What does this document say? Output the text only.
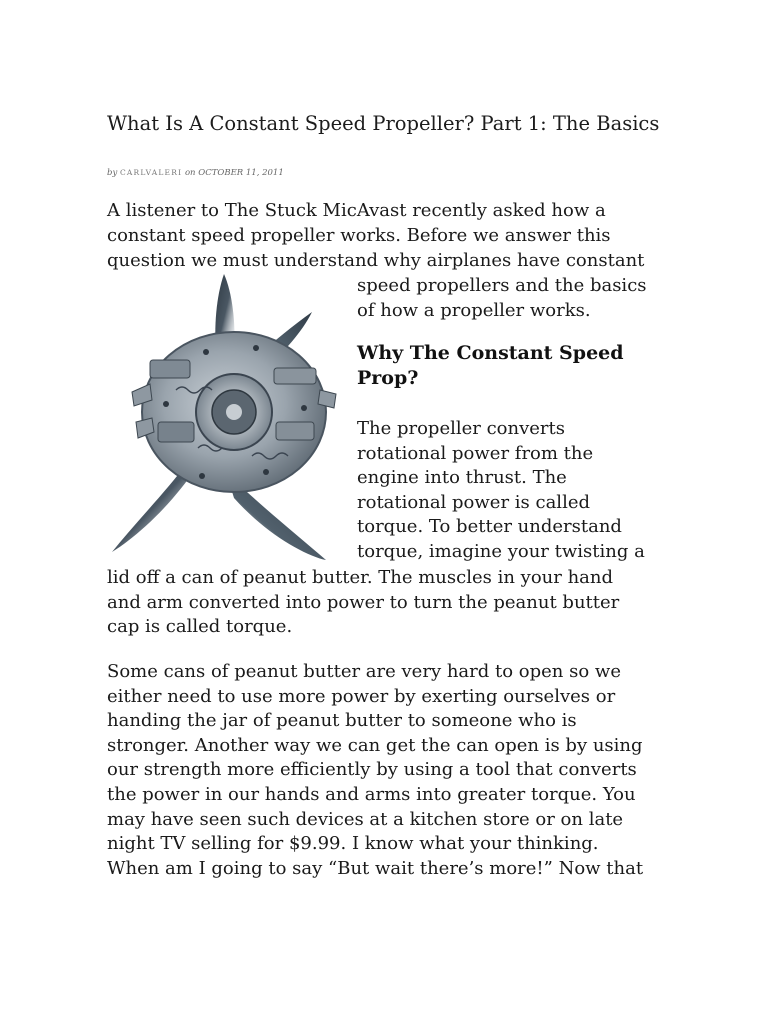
What Is A Constant Speed Propeller? Part 1: The Basics
by CARLVALERI on OCTOBER 11, 2011
A listener to The Stuck MicAvast recently asked how a
constant speed propeller works. Before we answer this
question we must understand why airplanes have constant
speed propellers and the basics
of how a propeller works.
Why The Constant Speed
Prop?
The propeller converts
rotational power from the
engine into thrust. The
rotational power is called
torque. To better understand
torque, imagine your twisting a
lid off a can of peanut butter. The muscles in your hand
and arm converted into power to turn the peanut butter
cap is called torque.
Some cans of peanut butter are very hard to open so we
either need to use more power by exerting ourselves or
handing the jar of peanut butter to someone who is
stronger. Another way we can get the can open is by using
our strength more efficiently by using a tool that converts
the power in our hands and arms into greater torque. You
may have seen such devices at a kitchen store or on late
night TV selling for $9.99. I know what your thinking.
When am I going to say “But wait there’s more!” Now that
